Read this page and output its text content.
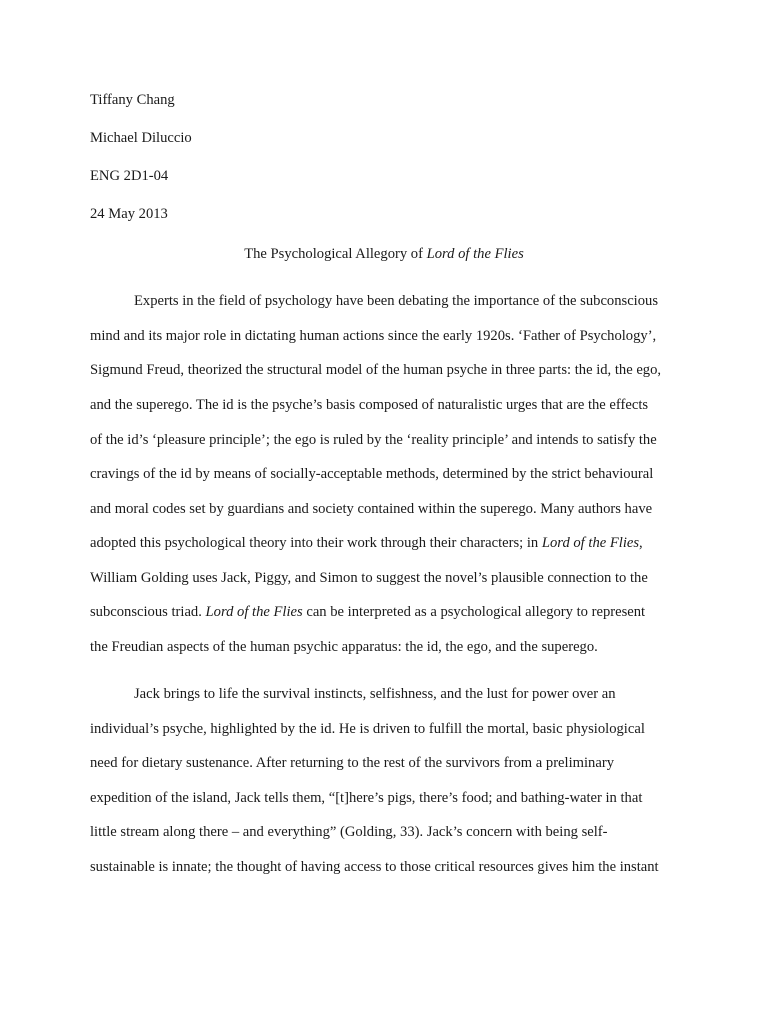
Tiffany Chang
Michael Diluccio
ENG 2D1-04
24 May 2013
The Psychological Allegory of Lord of the Flies
Experts in the field of psychology have been debating the importance of the subconscious
mind and its major role in dictating human actions since the early 1920s. ‘Father of Psychology’,
Sigmund Freud, theorized the structural model of the human psyche in three parts: the id, the ego,
and the superego. The id is the psyche’s basis composed of naturalistic urges that are the effects
of the id’s ‘pleasure principle’; the ego is ruled by the ‘reality principle’ and intends to satisfy the
cravings of the id by means of socially-acceptable methods, determined by the strict behavioural
and moral codes set by guardians and society contained within the superego. Many authors have
adopted this psychological theory into their work through their characters; in Lord of the Flies,
William Golding uses Jack, Piggy, and Simon to suggest the novel’s plausible connection to the
subconscious triad. Lord of the Flies can be interpreted as a psychological allegory to represent
the Freudian aspects of the human psychic apparatus: the id, the ego, and the superego.
Jack brings to life the survival instincts, selfishness, and the lust for power over an
individual’s psyche, highlighted by the id. He is driven to fulfill the mortal, basic physiological
need for dietary sustenance. After returning to the rest of the survivors from a preliminary
expedition of the island, Jack tells them, “[t]here’s pigs, there’s food; and bathing-water in that
little stream along there – and everything” (Golding, 33). Jack’s concern with being self-
sustainable is innate; the thought of having access to those critical resources gives him the instant
